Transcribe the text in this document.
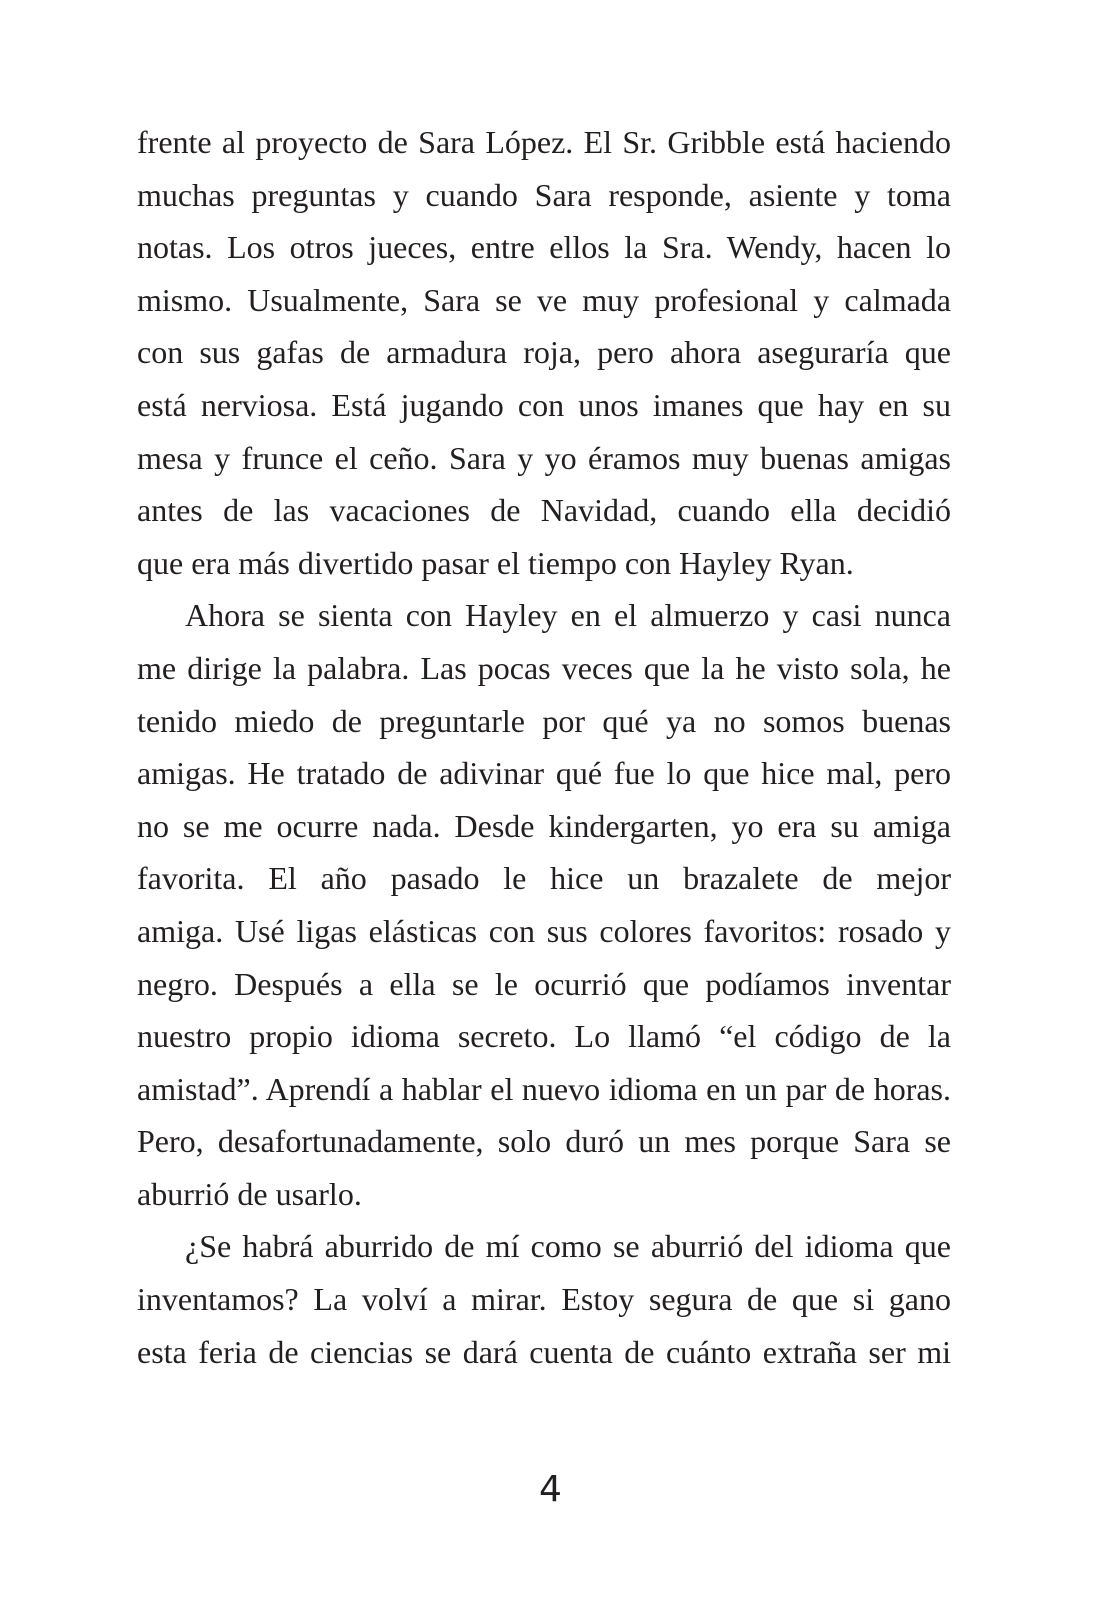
frente al proyecto de Sara López. El Sr. Gribble está haciendo
muchas preguntas y cuando Sara responde, asiente y toma
notas. Los otros jueces, entre ellos la Sra. Wendy, hacen lo
mismo. Usualmente, Sara se ve muy profesional y calmada
con sus gafas de armadura roja, pero ahora aseguraría que
está nerviosa. Está jugando con unos imanes que hay en su
mesa y frunce el ceño. Sara y yo éramos muy buenas amigas
antes de las vacaciones de Navidad, cuando ella decidió
que era más divertido pasar el tiempo con Hayley Ryan.

Ahora se sienta con Hayley en el almuerzo y casi nunca
me dirige la palabra. Las pocas veces que la he visto sola, he
tenido miedo de preguntarle por qué ya no somos buenas
amigas. He tratado de adivinar qué fue lo que hice mal, pero
no se me ocurre nada. Desde kindergarten, yo era su amiga
favorita. El año pasado le hice un brazalete de mejor
amiga. Usé ligas elásticas con sus colores favoritos: rosado y
negro. Después a ella se le ocurrió que podíamos inventar
nuestro propio idioma secreto. Lo llamó “el código de la
amistad”. Aprendí a hablar el nuevo idioma en un par de horas.
Pero, desafortunadamente, solo duró un mes porque Sara se
aburrió de usarlo.

¿Se habrá aburrido de mí como se aburrió del idioma que
inventamos? La volví a mirar. Estoy segura de que si gano
esta feria de ciencias se dará cuenta de cuánto extraña ser mi

4
